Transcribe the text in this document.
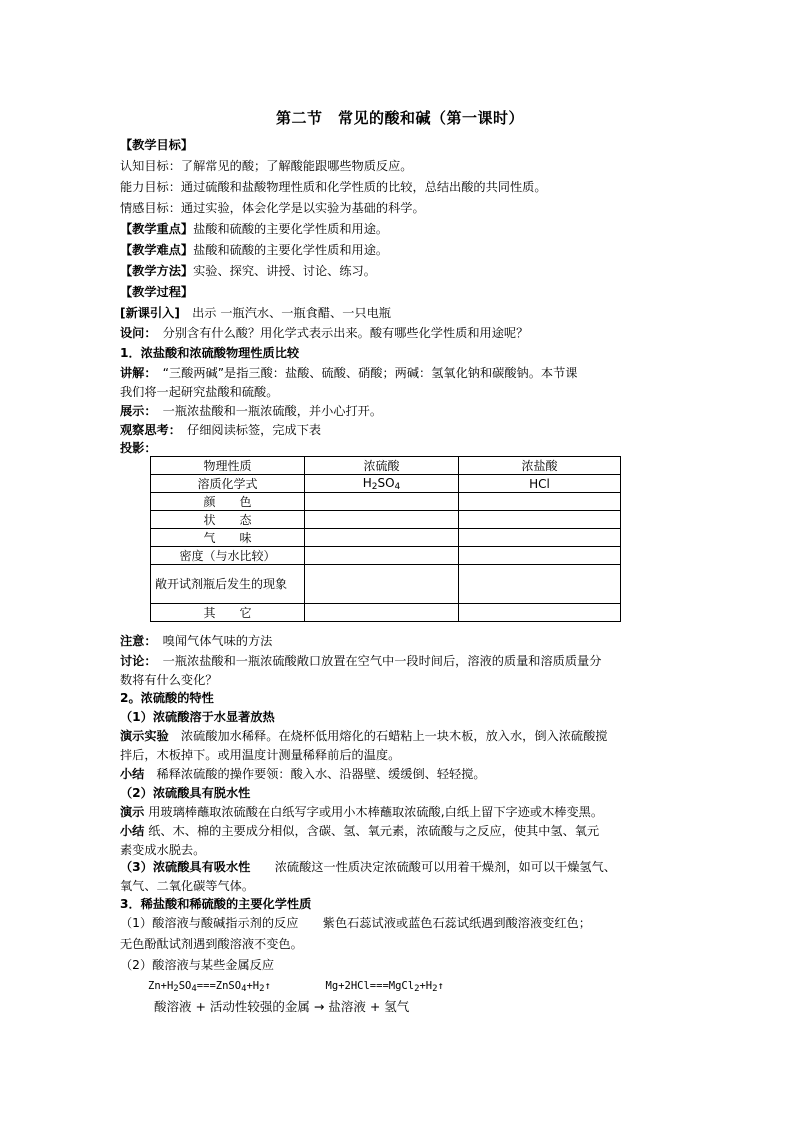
第二节　常见的酸和碱（第一课时）
【教学目标】
认知目标：了解常见的酸；了解酸能跟哪些物质反应。
能力目标：通过硫酸和盐酸物理性质和化学性质的比较，总结出酸的共同性质。
情感目标：通过实验，体会化学是以实验为基础的科学。
【教学重点】盐酸和硫酸的主要化学性质和用途。
【教学难点】盐酸和硫酸的主要化学性质和用途。
【教学方法】实验、探究、讲授、讨论、练习。
【教学过程】
[新课引入]　出示 一瓶汽水、一瓶食醋、一只电瓶
设问：　分别含有什么酸？用化学式表示出来。酸有哪些化学性质和用途呢？
1．浓盐酸和浓硫酸物理性质比较
讲解：　“三酸两碱”是指三酸：盐酸、硫酸、硝酸；两碱：氢氧化钠和碳酸钠。本节课
我们将一起研究盐酸和硫酸。
展示：　一瓶浓盐酸和一瓶浓硫酸，并小心打开。
观察思考：　仔细阅读标签，完成下表
投影：
物理性质	浓硫酸	浓盐酸
溶质化学式	$H_2SO_4$	HCl
颜　　色		
状　　态		
气　　味		
密度（与水比较）		
敞开试剂瓶后发生的现象		
其　　它		
注意：　嗅闻气体气味的方法
讨论：　一瓶浓盐酸和一瓶浓硫酸敞口放置在空气中一段时间后，溶液的质量和溶质质量分
数将有什么变化？
2。浓硫酸的特性
（1）浓硫酸溶于水显著放热
演示实验　浓硫酸加水稀释。在烧杯低用熔化的石蜡粘上一块木板，放入水，倒入浓硫酸搅
拌后，木板掉下。或用温度计测量稀释前后的温度。
小结　稀释浓硫酸的操作要领：酸入水、沿器壁、缓缓倒、轻轻搅。
（2）浓硫酸具有脱水性
演示 用玻璃棒蘸取浓硫酸在白纸写字或用小木棒蘸取浓硫酸,白纸上留下字迹或木棒变黑。
小结 纸、木、棉的主要成分相似，含碳、氢、氧元素，浓硫酸与之反应，使其中氢、氧元
素变成水脱去。
（3）浓硫酸具有吸水性　　浓硫酸这一性质决定浓硫酸可以用着干燥剂，如可以干燥氢气、
氧气、二氧化碳等气体。
3．稀盐酸和稀硫酸的主要化学性质
（1）酸溶液与酸碱指示剂的反应　　紫色石蕊试液或蓝色石蕊试纸遇到酸溶液变红色；
无色酚酞试剂遇到酸溶液不变色。
（2）酸溶液与某些金属反应
Zn+H2SO4===ZnSO4+H2↑	Mg+2HCl===MgCl2+H2↑
酸溶液 + 活动性较强的金属 → 盐溶液 + 氢气
